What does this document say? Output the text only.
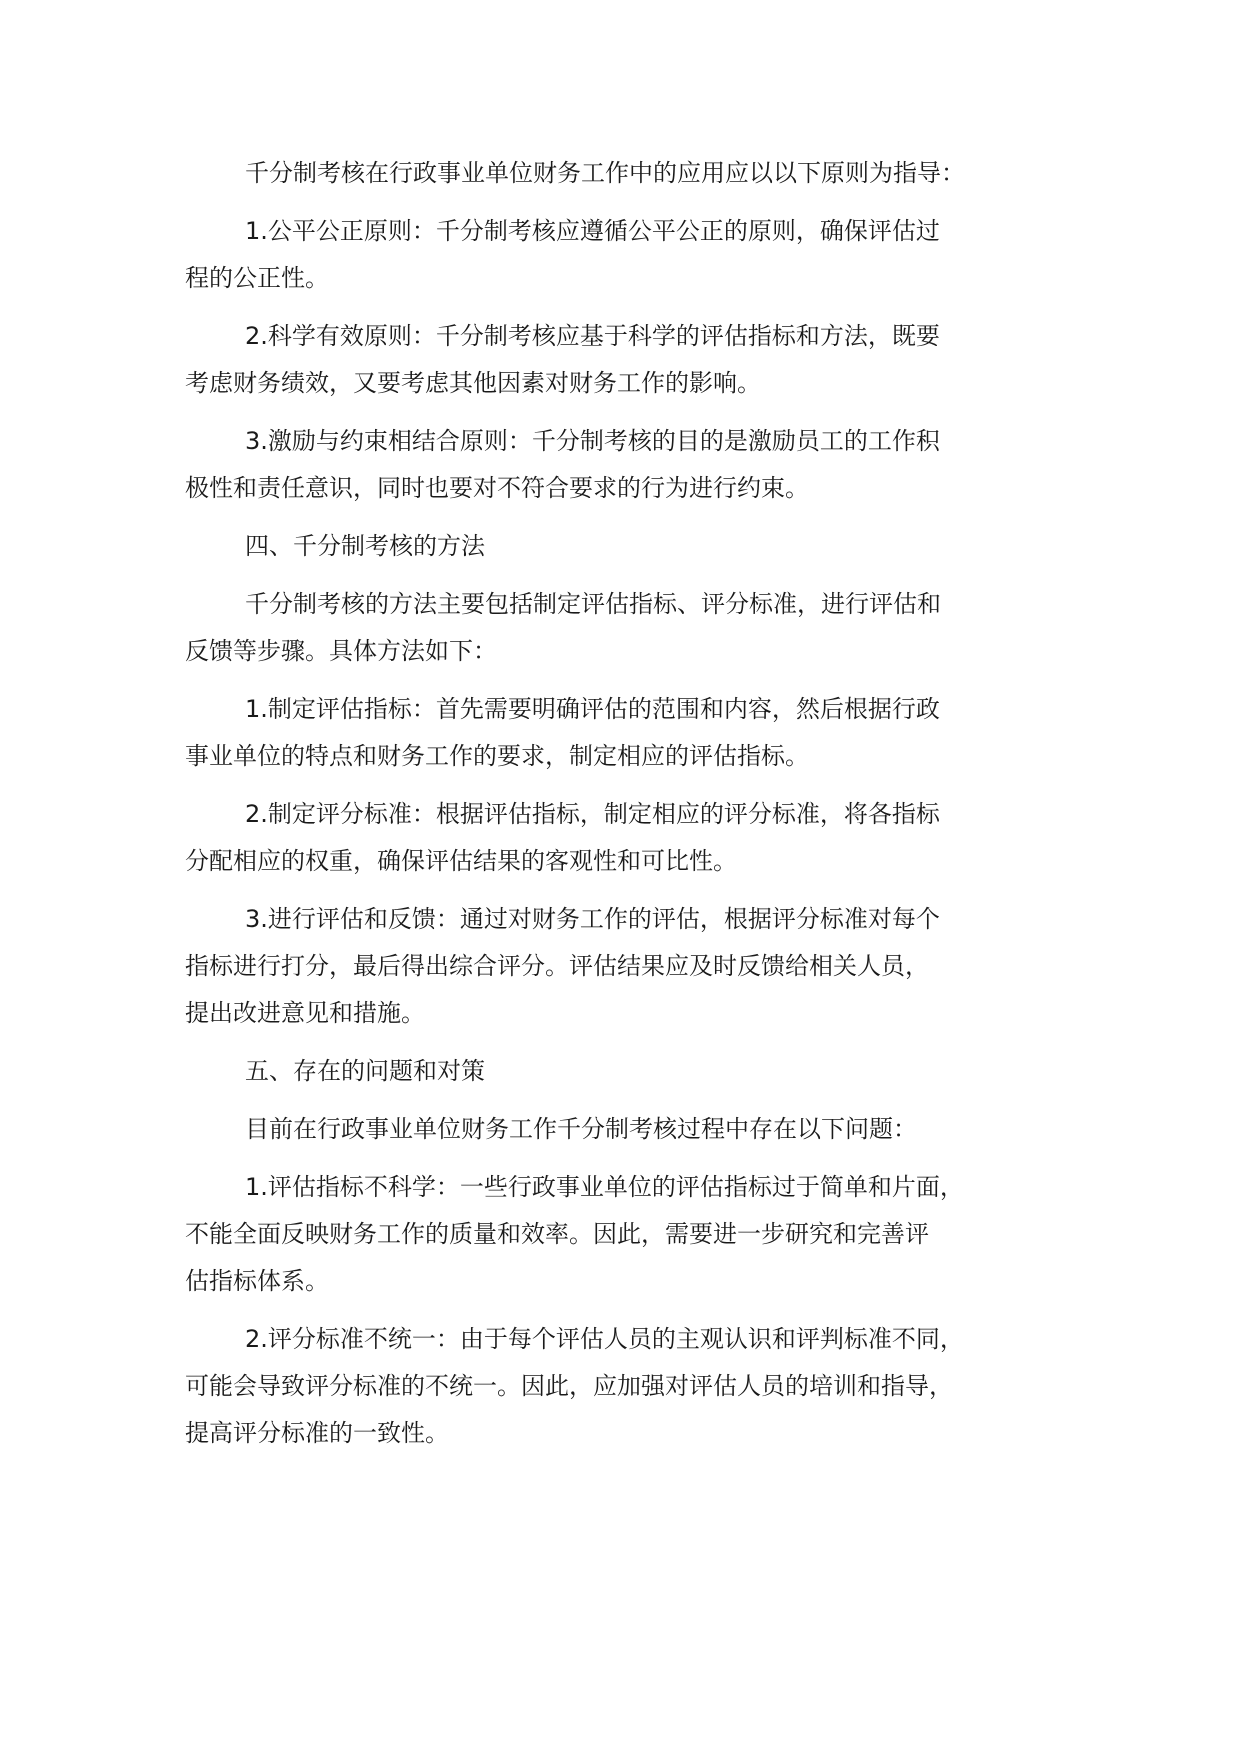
千分制考核在行政事业单位财务工作中的应用应以以下原则为指导：

1.公平公正原则：千分制考核应遵循公平公正的原则，确保评估过
程的公正性。

2.科学有效原则：千分制考核应基于科学的评估指标和方法，既要
考虑财务绩效，又要考虑其他因素对财务工作的影响。

3.激励与约束相结合原则：千分制考核的目的是激励员工的工作积
极性和责任意识，同时也要对不符合要求的行为进行约束。

四、千分制考核的方法

千分制考核的方法主要包括制定评估指标、评分标准，进行评估和
反馈等步骤。具体方法如下：

1.制定评估指标：首先需要明确评估的范围和内容，然后根据行政
事业单位的特点和财务工作的要求，制定相应的评估指标。

2.制定评分标准：根据评估指标，制定相应的评分标准，将各指标
分配相应的权重，确保评估结果的客观性和可比性。

3.进行评估和反馈：通过对财务工作的评估，根据评分标准对每个
指标进行打分，最后得出综合评分。评估结果应及时反馈给相关人员，
提出改进意见和措施。

五、存在的问题和对策

目前在行政事业单位财务工作千分制考核过程中存在以下问题：

1.评估指标不科学：一些行政事业单位的评估指标过于简单和片面，
不能全面反映财务工作的质量和效率。因此，需要进一步研究和完善评
估指标体系。

2.评分标准不统一：由于每个评估人员的主观认识和评判标准不同，
可能会导致评分标准的不统一。因此，应加强对评估人员的培训和指导，
提高评分标准的一致性。
